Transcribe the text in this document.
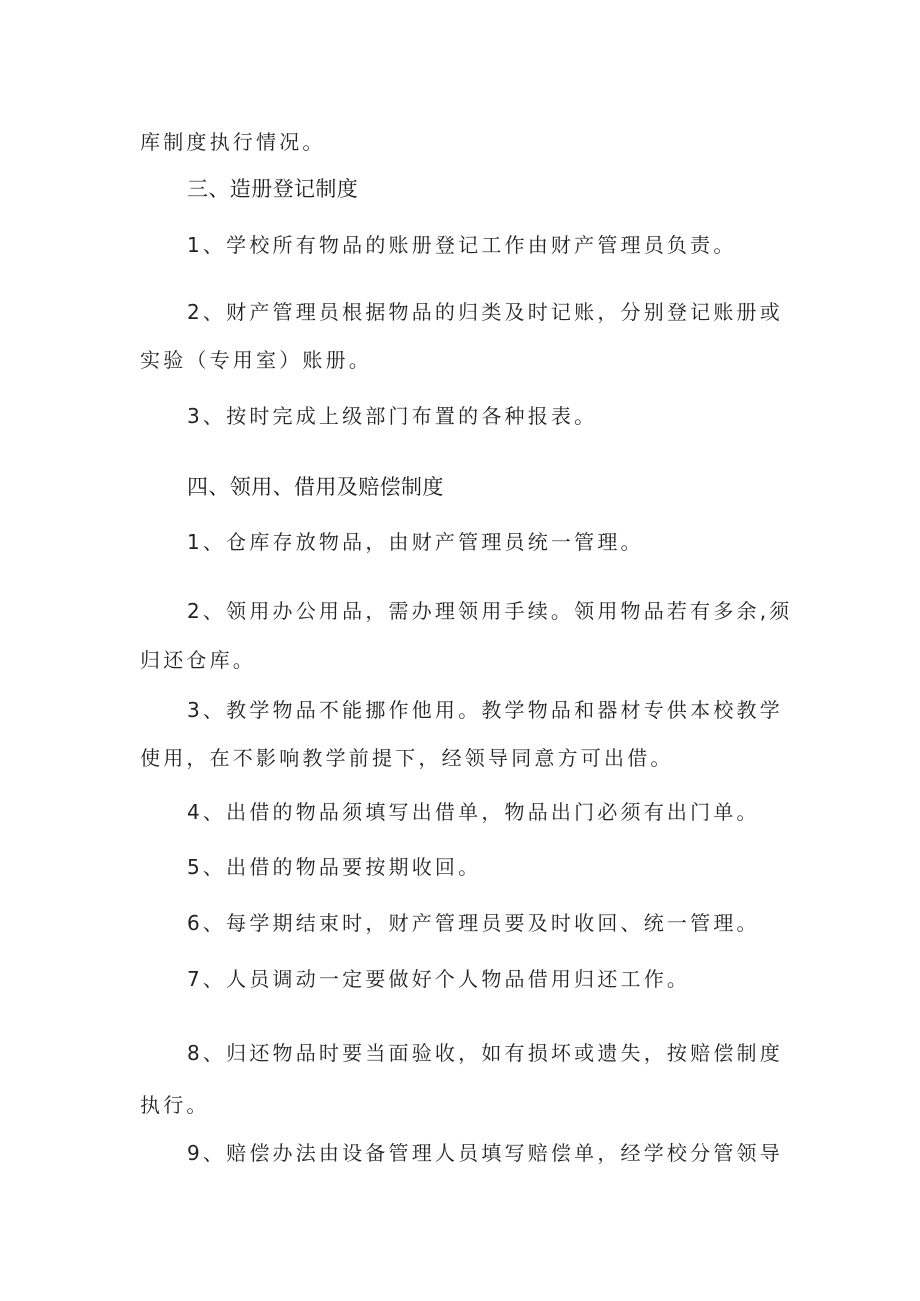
库制度执行情况。

三、造册登记制度

1、学校所有物品的账册登记工作由财产管理员负责。

2、财产管理员根据物品的归类及时记账，分别登记账册或

实验（专用室）账册。

3、按时完成上级部门布置的各种报表。

四、领用、借用及赔偿制度

1、仓库存放物品，由财产管理员统一管理。

2、领用办公用品，需办理领用手续。领用物品若有多余,须

归还仓库。

3、教学物品不能挪作他用。教学物品和器材专供本校教学

使用，在不影响教学前提下，经领导同意方可出借。

4、出借的物品须填写出借单，物品出门必须有出门单。

5、出借的物品要按期收回。

6、每学期结束时，财产管理员要及时收回、统一管理。

7、人员调动一定要做好个人物品借用归还工作。

8、归还物品时要当面验收，如有损坏或遗失，按赔偿制度

执行。

9、赔偿办法由设备管理人员填写赔偿单，经学校分管领导
